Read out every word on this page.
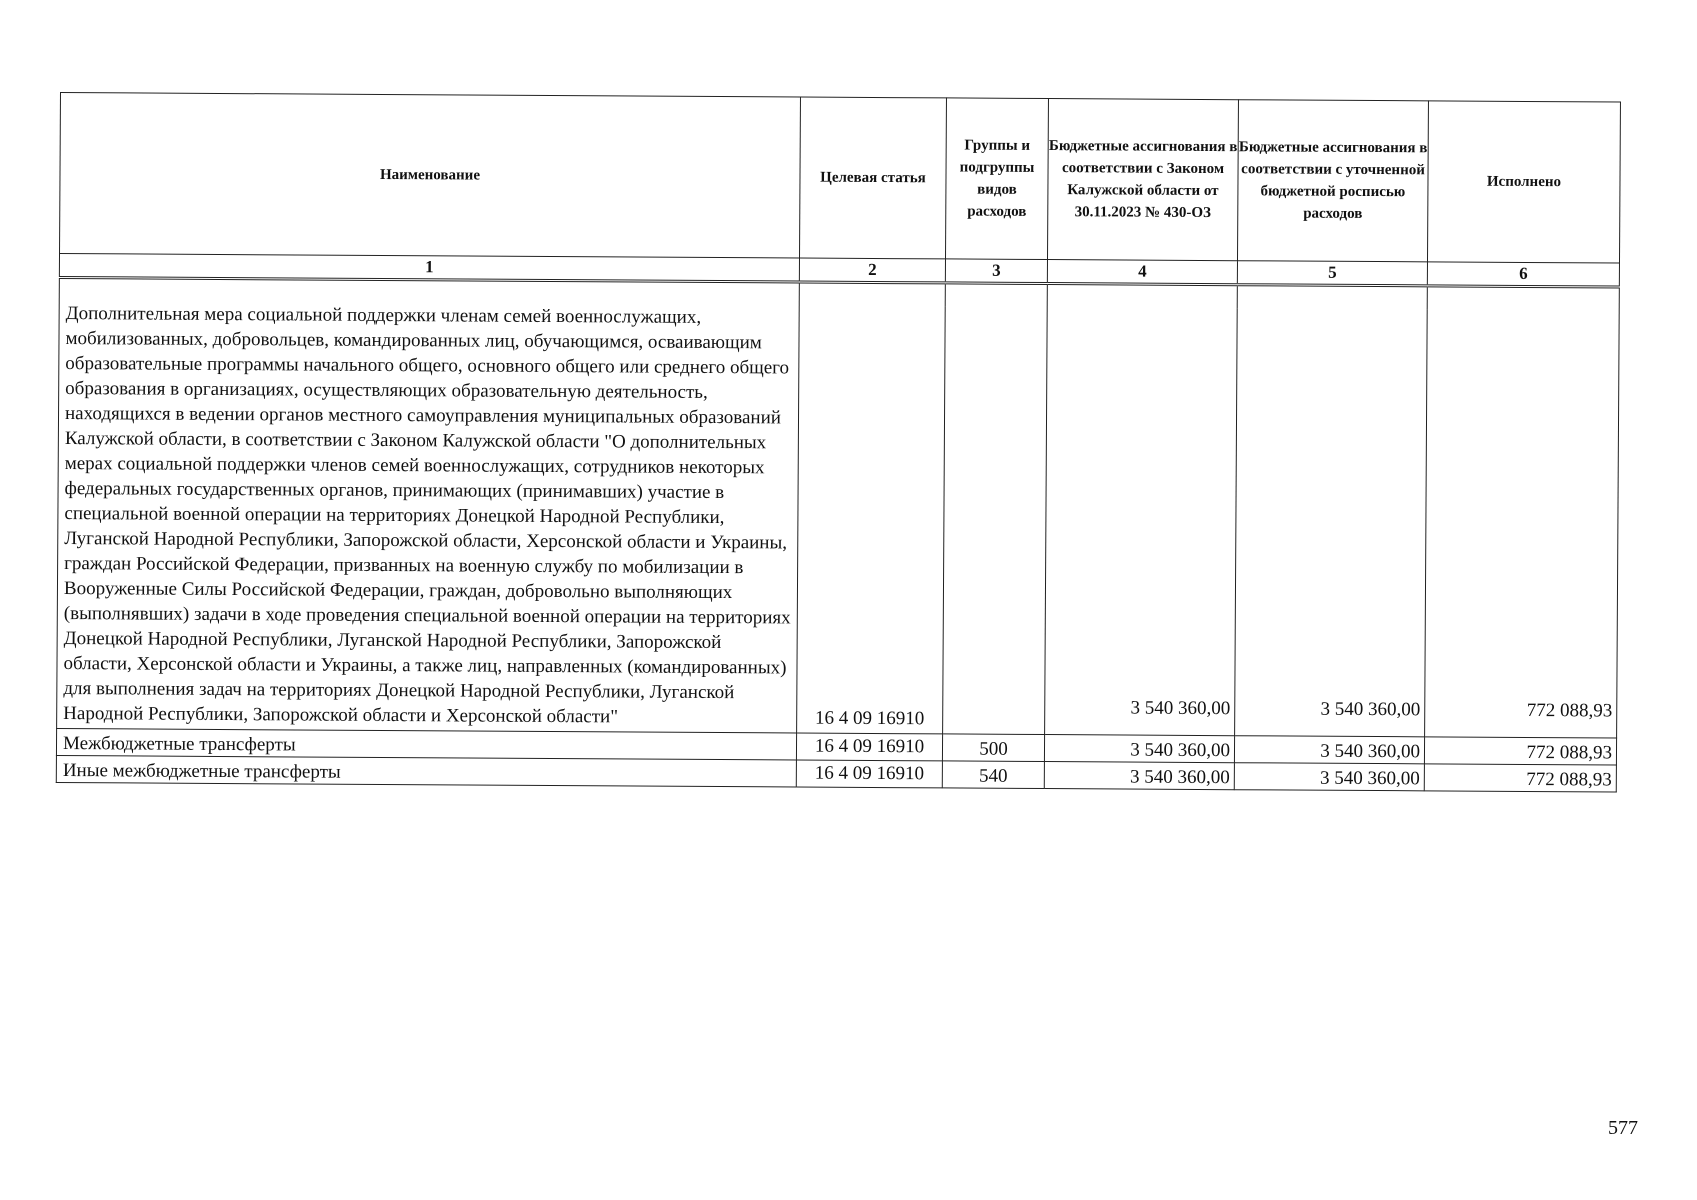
Наименование	Целевая статья	Группы и подгруппы видов расходов	Бюджетные ассигнования в соответствии с Законом Калужской области от 30.11.2023 № 430-ОЗ	Бюджетные ассигнования в соответствии с уточненной бюджетной росписью расходов	Исполнено
1	2	3	4	5	6

Дополнительная мера социальной поддержки членам семей военнослужащих, мобилизованных, добровольцев, командированных лиц, обучающимся, осваивающим образовательные программы начального общего, основного общего или среднего общего образования в организациях, осуществляющих образовательную деятельность, находящихся в ведении органов местного самоуправления муниципальных образований Калужской области, в соответствии с Законом Калужской области "О дополнительных мерах социальной поддержки членов семей военнослужащих, сотрудников некоторых федеральных государственных органов, принимающих (принимавших) участие в специальной военной операции на территориях Донецкой Народной Республики, Луганской Народной Республики, Запорожской области, Херсонской области и Украины, граждан Российской Федерации, призванных на военную службу по мобилизации в Вооруженные Силы Российской Федерации, граждан, добровольно выполняющих (выполнявших) задачи в ходе проведения специальной военной операции на территориях Донецкой Народной Республики, Луганской Народной Республики, Запорожской области, Херсонской области и Украины, а также лиц, направленных (командированных) для выполнения задач на территориях Донецкой Народной Республики, Луганской Народной Республики, Запорожской области и Херсонской области"	16 4 09 16910		3 540 360,00	3 540 360,00	772 088,93
Межбюджетные трансферты	16 4 09 16910	500	3 540 360,00	3 540 360,00	772 088,93
Иные межбюджетные трансферты	16 4 09 16910	540	3 540 360,00	3 540 360,00	772 088,93
577
